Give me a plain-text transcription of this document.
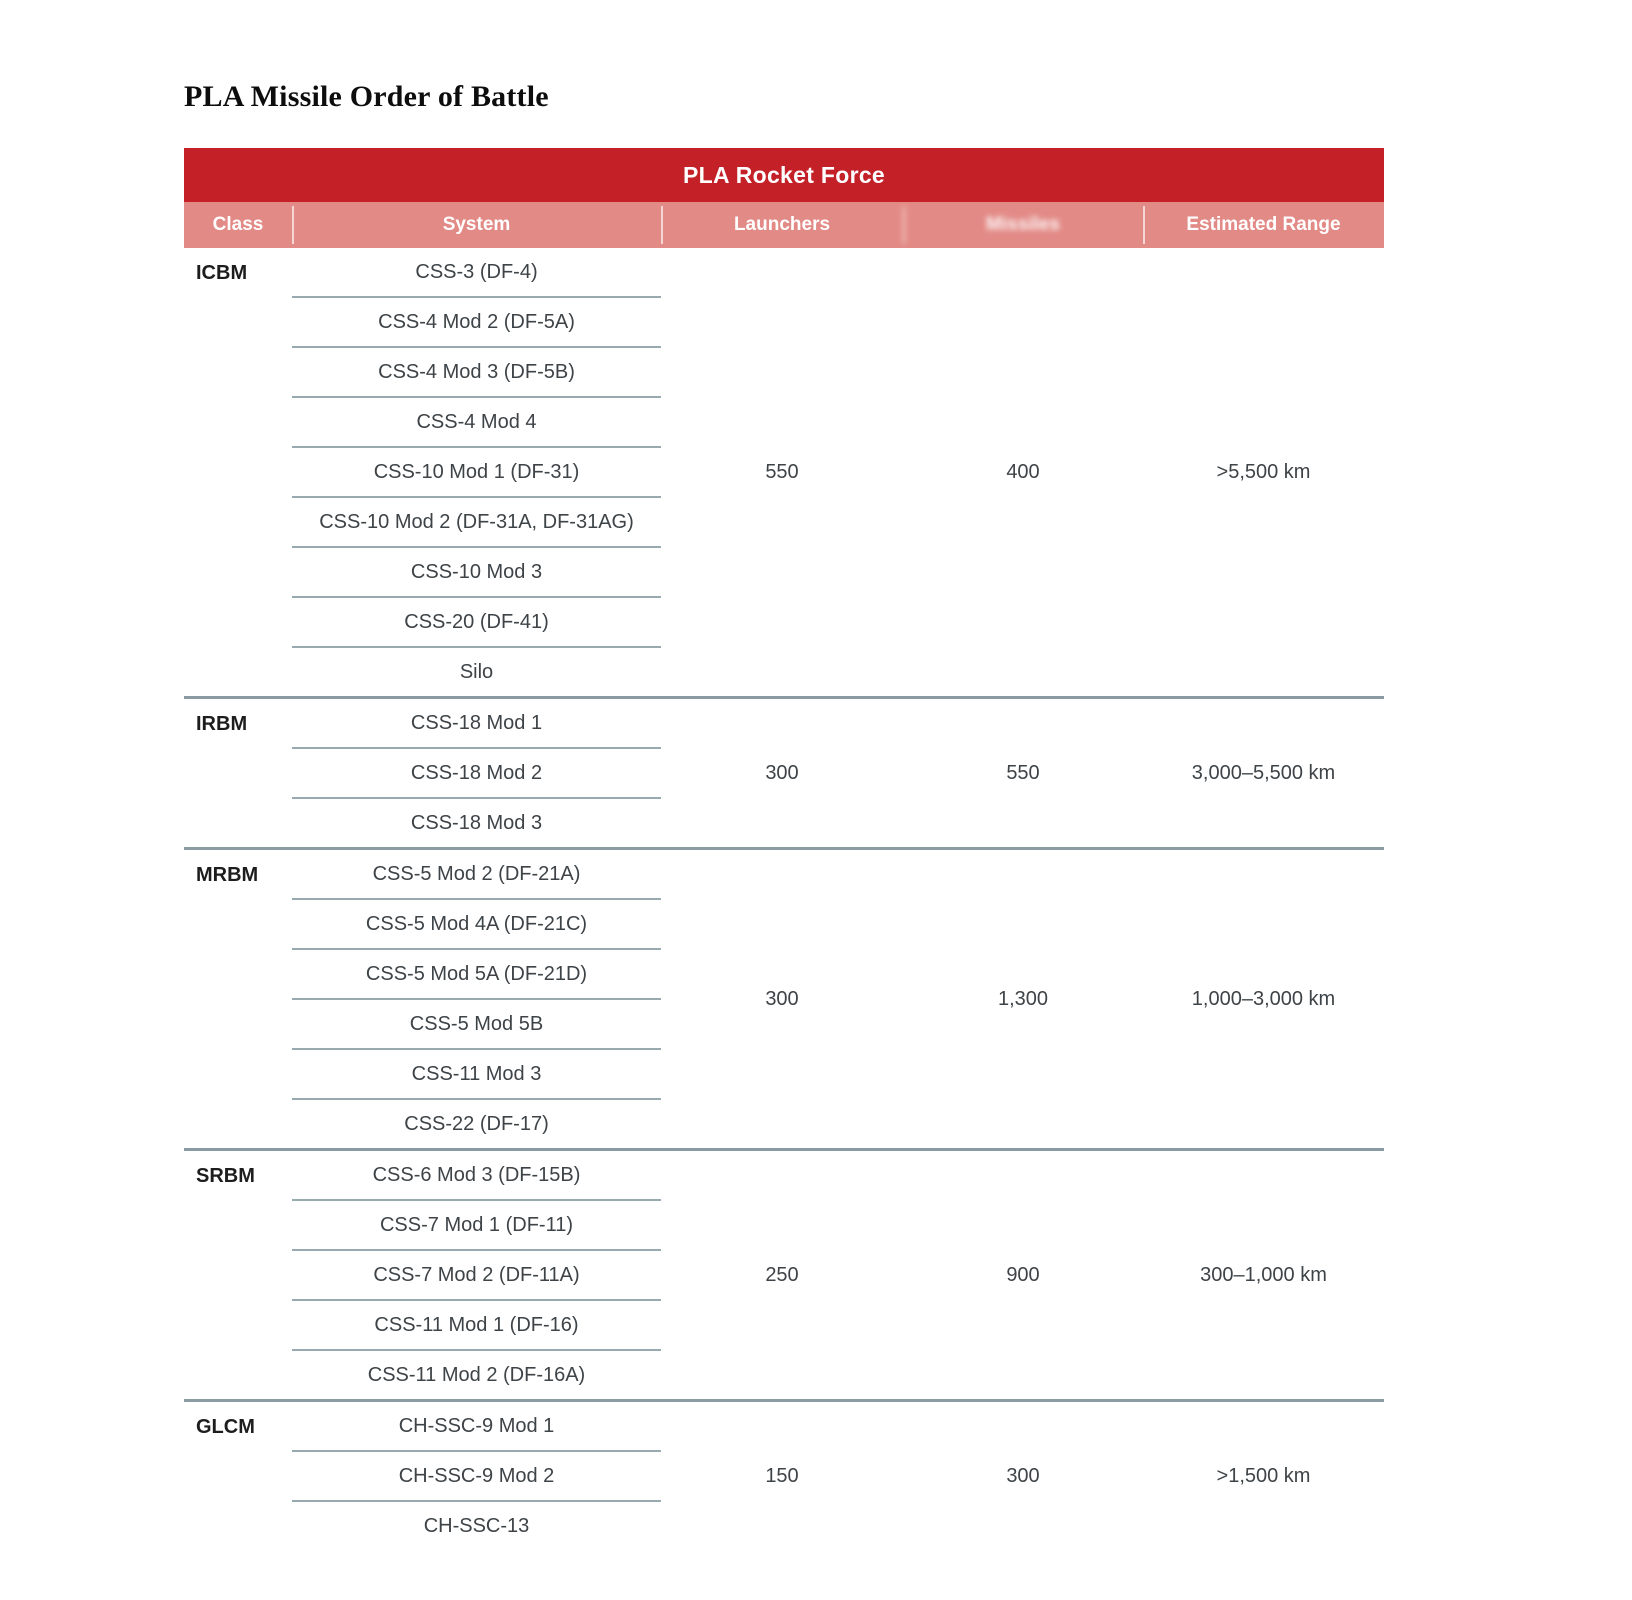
PLA Missile Order of Battle
PLA Rocket Force
Class	System	Launchers	Missiles	Estimated Range
ICBM	CSS-3 (DF-4)
CSS-4 Mod 2 (DF-5A)
CSS-4 Mod 3 (DF-5B)
CSS-4 Mod 4
CSS-10 Mod 1 (DF-31)
CSS-10 Mod 2 (DF-31A, DF-31AG)
CSS-10 Mod 3
CSS-20 (DF-41)
Silo
550	400	>5,500 km
IRBM	CSS-18 Mod 1
CSS-18 Mod 2
CSS-18 Mod 3
300	550	3,000–5,500 km
MRBM	CSS-5 Mod 2 (DF-21A)
CSS-5 Mod 4A (DF-21C)
CSS-5 Mod 5A (DF-21D)
CSS-5 Mod 5B
CSS-11 Mod 3
CSS-22 (DF-17)
300	1,300	1,000–3,000 km
SRBM	CSS-6 Mod 3 (DF-15B)
CSS-7 Mod 1 (DF-11)
CSS-7 Mod 2 (DF-11A)
CSS-11 Mod 1 (DF-16)
CSS-11 Mod 2 (DF-16A)
250	900	300–1,000 km
GLCM	CH-SSC-9 Mod 1
CH-SSC-9 Mod 2
CH-SSC-13
150	300	>1,500 km
